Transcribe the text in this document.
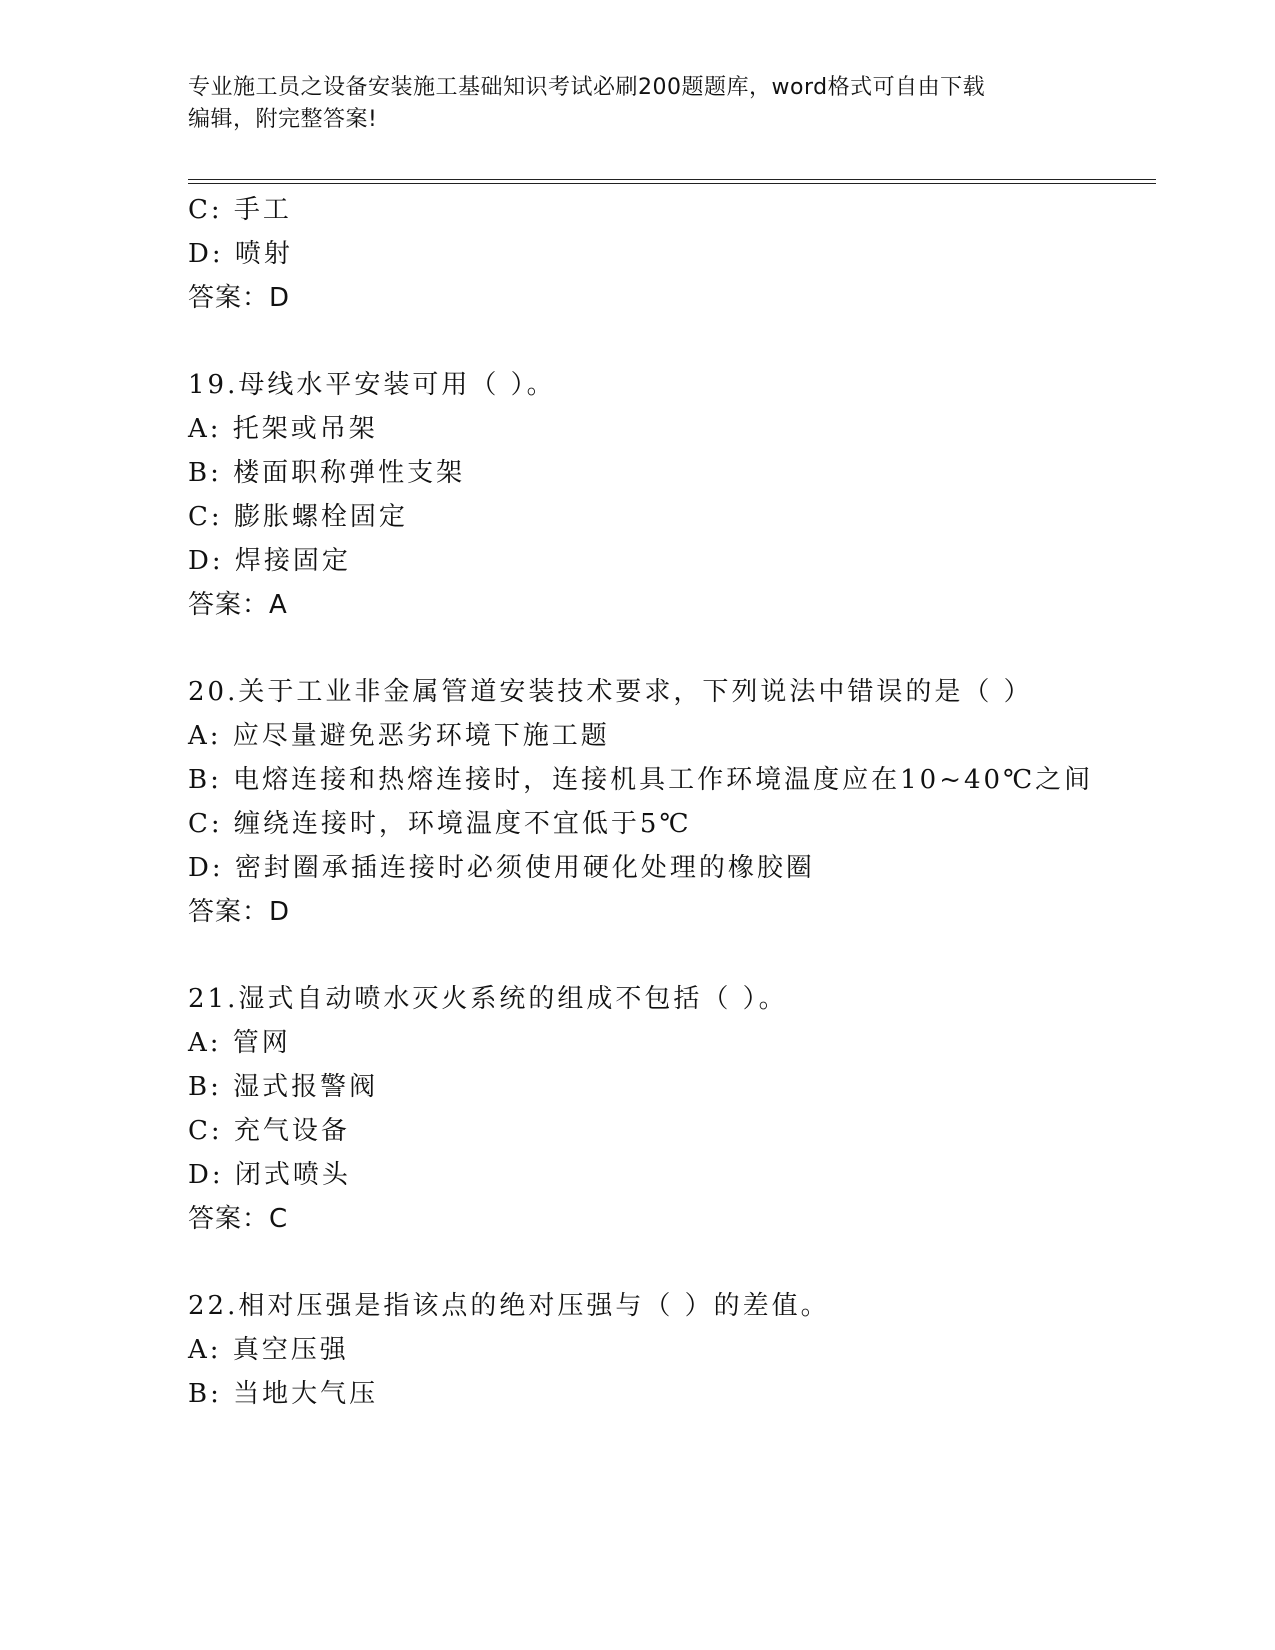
专业施工员之设备安装施工基础知识考试必刷200题题库，word格式可自由下载
编辑，附完整答案!
C: 手工
D: 喷射
答案：D
19.母线水平安装可用（ ）。
A: 托架或吊架
B: 楼面职称弹性支架
C: 膨胀螺栓固定
D: 焊接固定
答案：A
20.关于工业非金属管道安装技术要求，下列说法中错误的是（ ）
A: 应尽量避免恶劣环境下施工题
B: 电熔连接和热熔连接时，连接机具工作环境温度应在10~40℃之间
C: 缠绕连接时，环境温度不宜低于5℃
D: 密封圈承插连接时必须使用硬化处理的橡胶圈
答案：D
21.湿式自动喷水灭火系统的组成不包括（ ）。
A: 管网
B: 湿式报警阀
C: 充气设备
D: 闭式喷头
答案：C
22.相对压强是指该点的绝对压强与（ ）的差值。
A: 真空压强
B: 当地大气压
